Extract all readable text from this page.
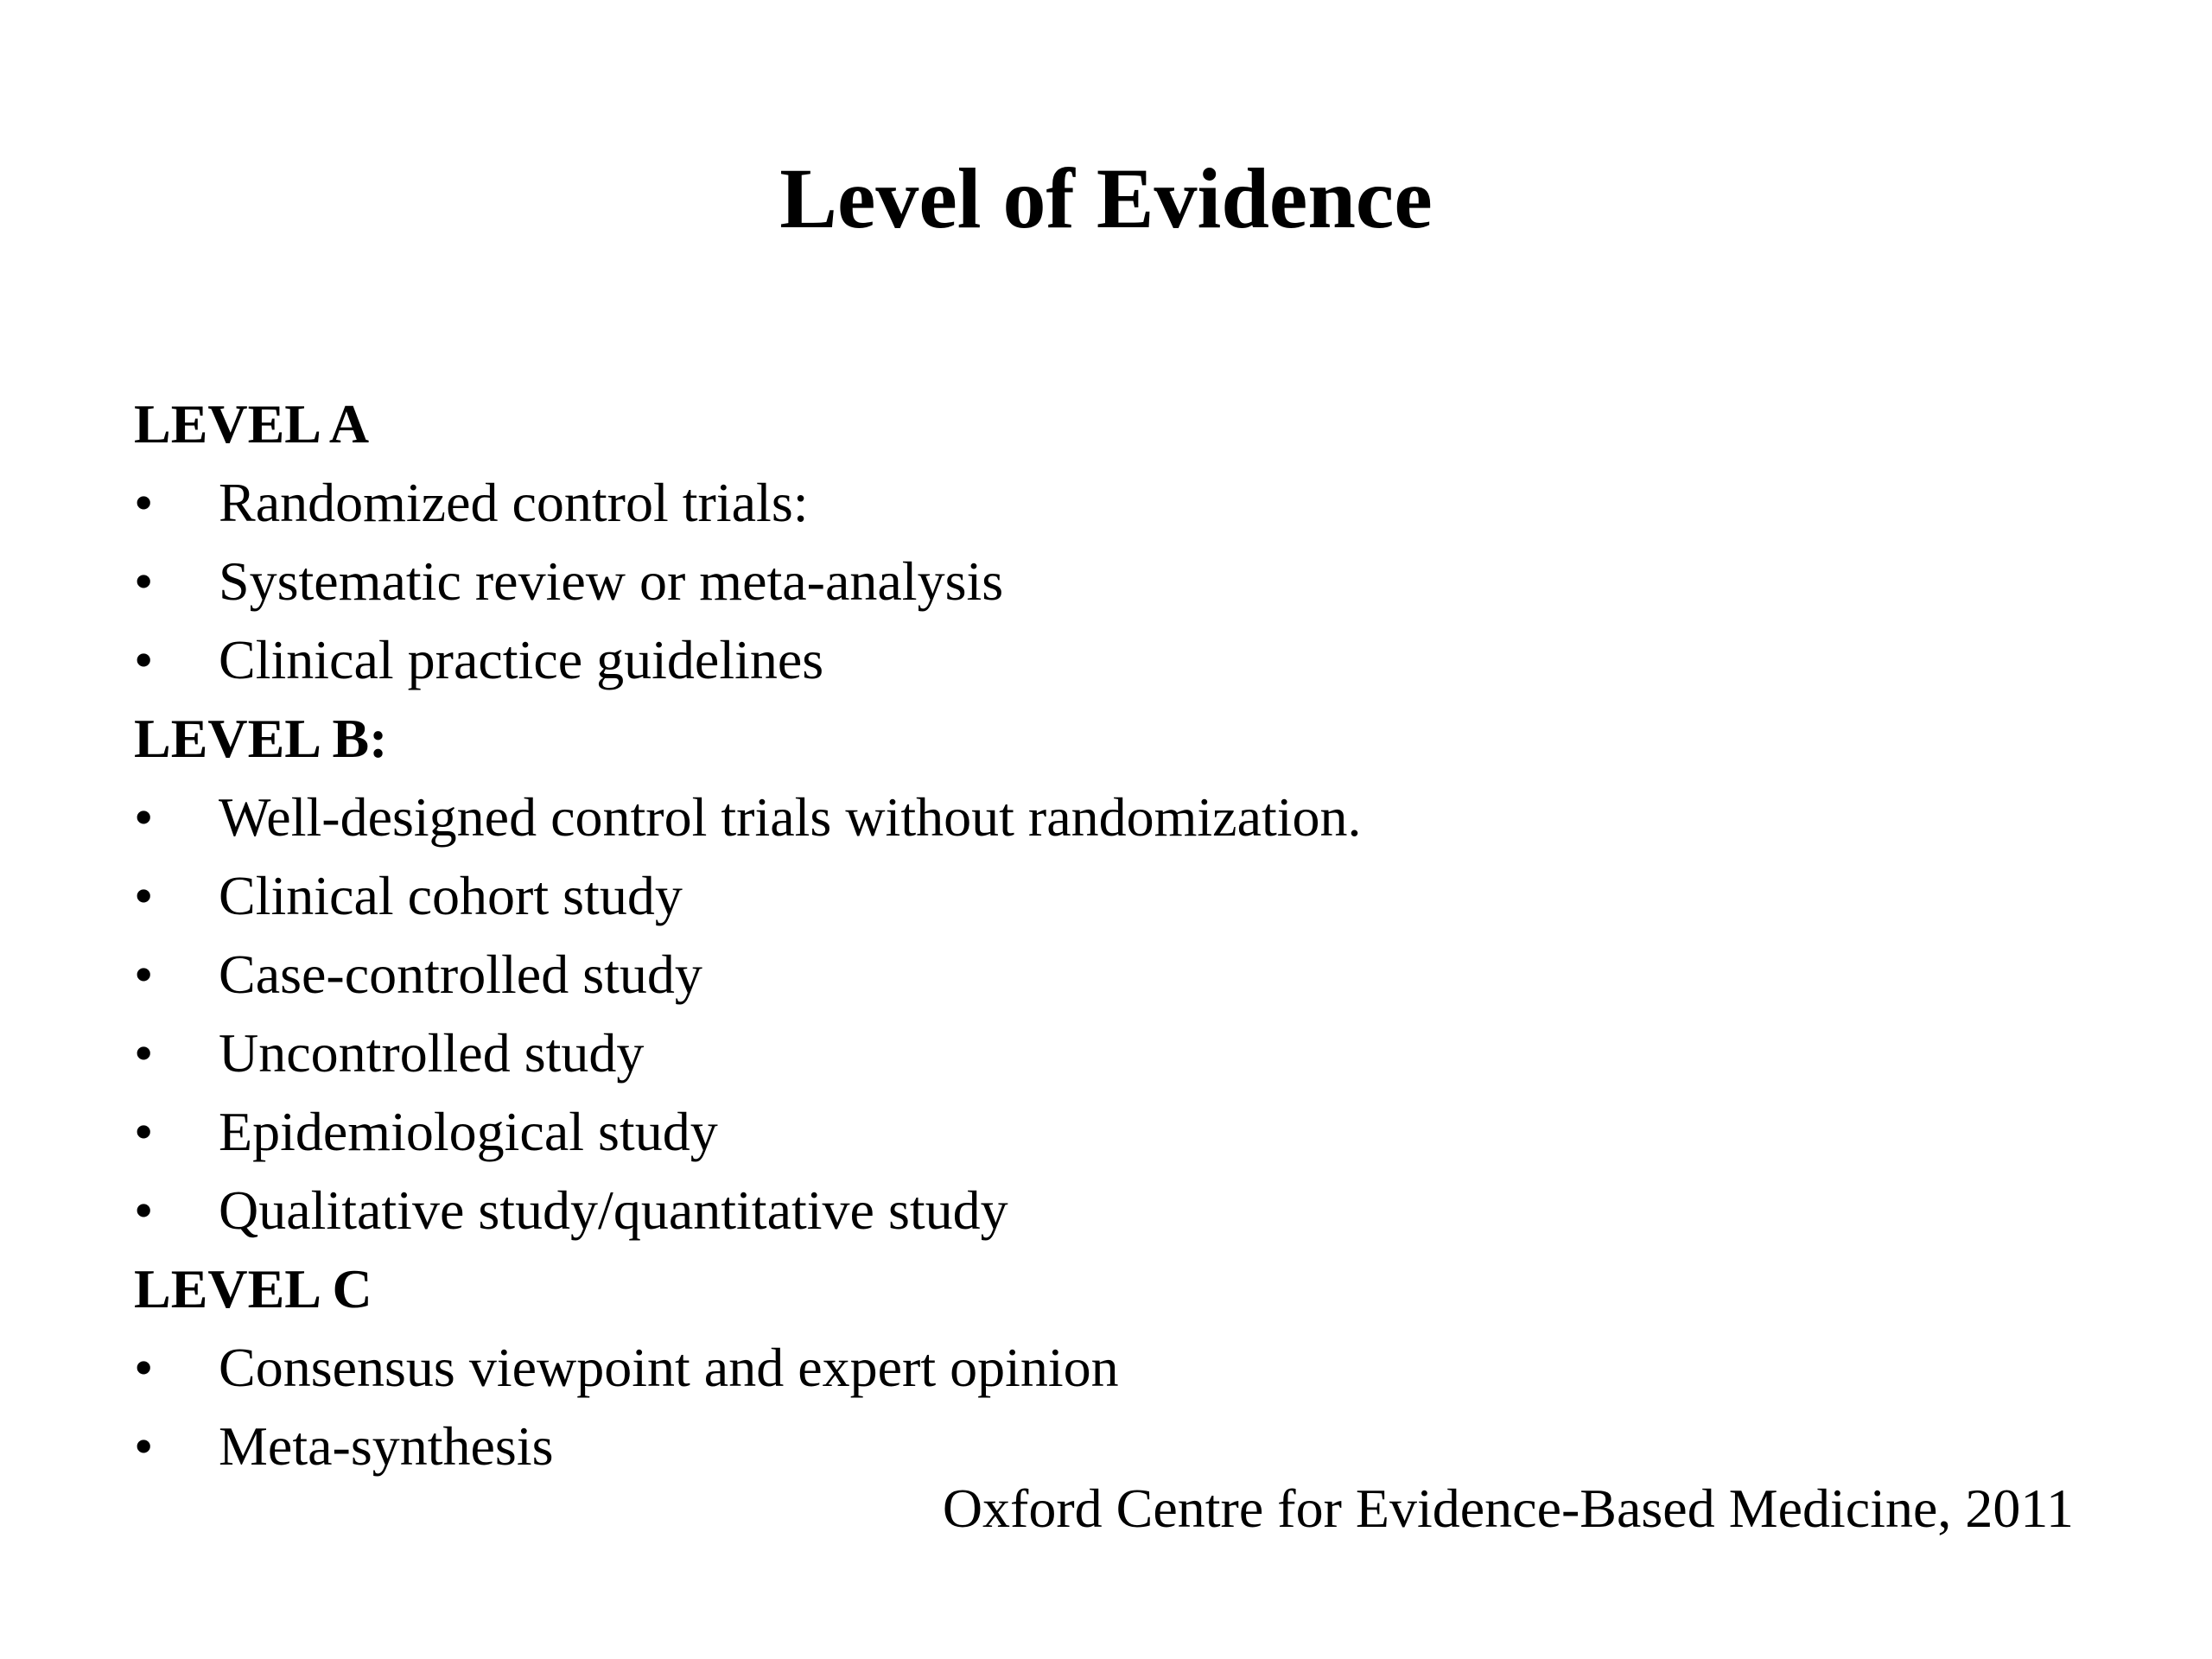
Level of Evidence
LEVEL A
•	Randomized control trials:
•	Systematic review or meta-analysis
•	Clinical practice guidelines
LEVEL B:
•	Well-designed control trials without randomization.
•	Clinical cohort study
•	Case-controlled study
•	Uncontrolled study
•	Epidemiological study
•	Qualitative study/quantitative study
LEVEL C
•	Consensus viewpoint and expert opinion
•	Meta-synthesis
Oxford Centre for Evidence-Based Medicine, 2011
